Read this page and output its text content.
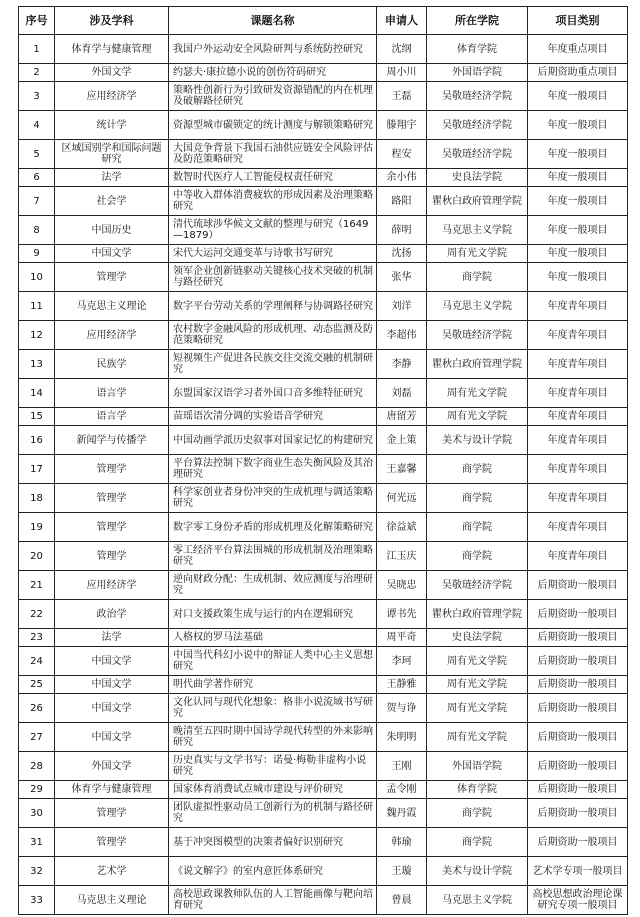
序号	涉及学科	课题名称	申请人	所在学院	项目类别
1	体育学与健康管理	我国户外运动安全风险研判与系统防控研究	沈纲	体育学院	年度重点项目
2	外国文学	约瑟夫·康拉德小说的创伤符码研究	周小川	外国语学院	后期资助重点项目
3	应用经济学	策略性创新行为引致研发资源错配的内在机理及破解路径研究	王磊	吴敬琏经济学院	年度一般项目
4	统计学	资源型城市碳锁定的统计测度与解锁策略研究	滕翔宇	吴敬琏经济学院	年度一般项目
5	区域国别学和国际问题研究	大国竞争背景下我国石油供应链安全风险评估及防范策略研究	程安	吴敬琏经济学院	年度一般项目
6	法学	数智时代医疗人工智能侵权责任研究	余小伟	史良法学院	年度一般项目
7	社会学	中等收入群体消费疲软的形成因素及治理策略研究	路阳	瞿秋白政府管理学院	年度一般项目
8	中国历史	清代琉球涉华候文文献的整理与研究（1649—1879）	薛明	马克思主义学院	年度一般项目
9	中国文学	宋代大运河交通变革与诗歌书写研究	沈扬	周有光文学院	年度一般项目
10	管理学	领军企业创新链驱动关键核心技术突破的机制与路径研究	张华	商学院	年度一般项目
11	马克思主义理论	数字平台劳动关系的学理阐释与协调路径研究	刘洋	马克思主义学院	年度青年项目
12	应用经济学	农村数字金融风险的形成机理、动态监测及防范策略研究	李超伟	吴敬琏经济学院	年度青年项目
13	民族学	短视频生产促进各民族交往交流交融的机制研究	李静	瞿秋白政府管理学院	年度青年项目
14	语言学	东盟国家汉语学习者外国口音多维特征研究	刘磊	周有光文学院	年度青年项目
15	语言学	苗瑶语次清分调的实验语音学研究	唐留芳	周有光文学院	年度青年项目
16	新闻学与传播学	中国动画学派历史叙事对国家记忆的构建研究	金上策	美术与设计学院	年度青年项目
17	管理学	平台算法控制下数字商业生态失衡风险及其治理研究	王嘉馨	商学院	年度青年项目
18	管理学	科学家创业者身份冲突的生成机理与调适策略研究	何光远	商学院	年度青年项目
19	管理学	数字零工身份矛盾的形成机理及化解策略研究	徐益斌	商学院	年度青年项目
20	管理学	零工经济平台算法围城的形成机制及治理策略研究	江玉庆	商学院	年度青年项目
21	应用经济学	逆向财政分配：生成机制、效应测度与治理研究	吴晓忠	吴敬琏经济学院	后期资助一般项目
22	政治学	对口支援政策生成与运行的内在逻辑研究	谭书先	瞿秋白政府管理学院	后期资助一般项目
23	法学	人格权的罗马法基础	周平奇	史良法学院	后期资助一般项目
24	中国文学	中国当代科幻小说中的辩证人类中心主义思想研究	李珂	周有光文学院	后期资助一般项目
25	中国文学	明代曲学著作研究	王静雅	周有光文学院	后期资助一般项目
26	中国文学	文化认同与现代化想象：格非小说流域书写研究	贺与诤	周有光文学院	后期资助一般项目
27	中国文学	晚清至五四时期中国诗学现代转型的外来影响研究	朱明明	周有光文学院	后期资助一般项目
28	外国文学	历史真实与文学书写：诺曼·梅勒非虚构小说研究	王刚	外国语学院	后期资助一般项目
29	体育学与健康管理	国家体育消费试点城市建设与评价研究	孟令刚	体育学院	后期资助一般项目
30	管理学	团队虚拟性驱动员工创新行为的机制与路径研究	魏丹霞	商学院	后期资助一般项目
31	管理学	基于冲突图模型的决策者偏好识别研究	韩瑜	商学院	后期资助一般项目
32	艺术学	《说文解字》的室内意匠体系研究	王璇	美术与设计学院	艺术学专项一般项目
33	马克思主义理论	高校思政课教师队伍的人工智能画像与靶向培育研究	曾晨	马克思主义学院	高校思想政治理论课研究专项一般项目
